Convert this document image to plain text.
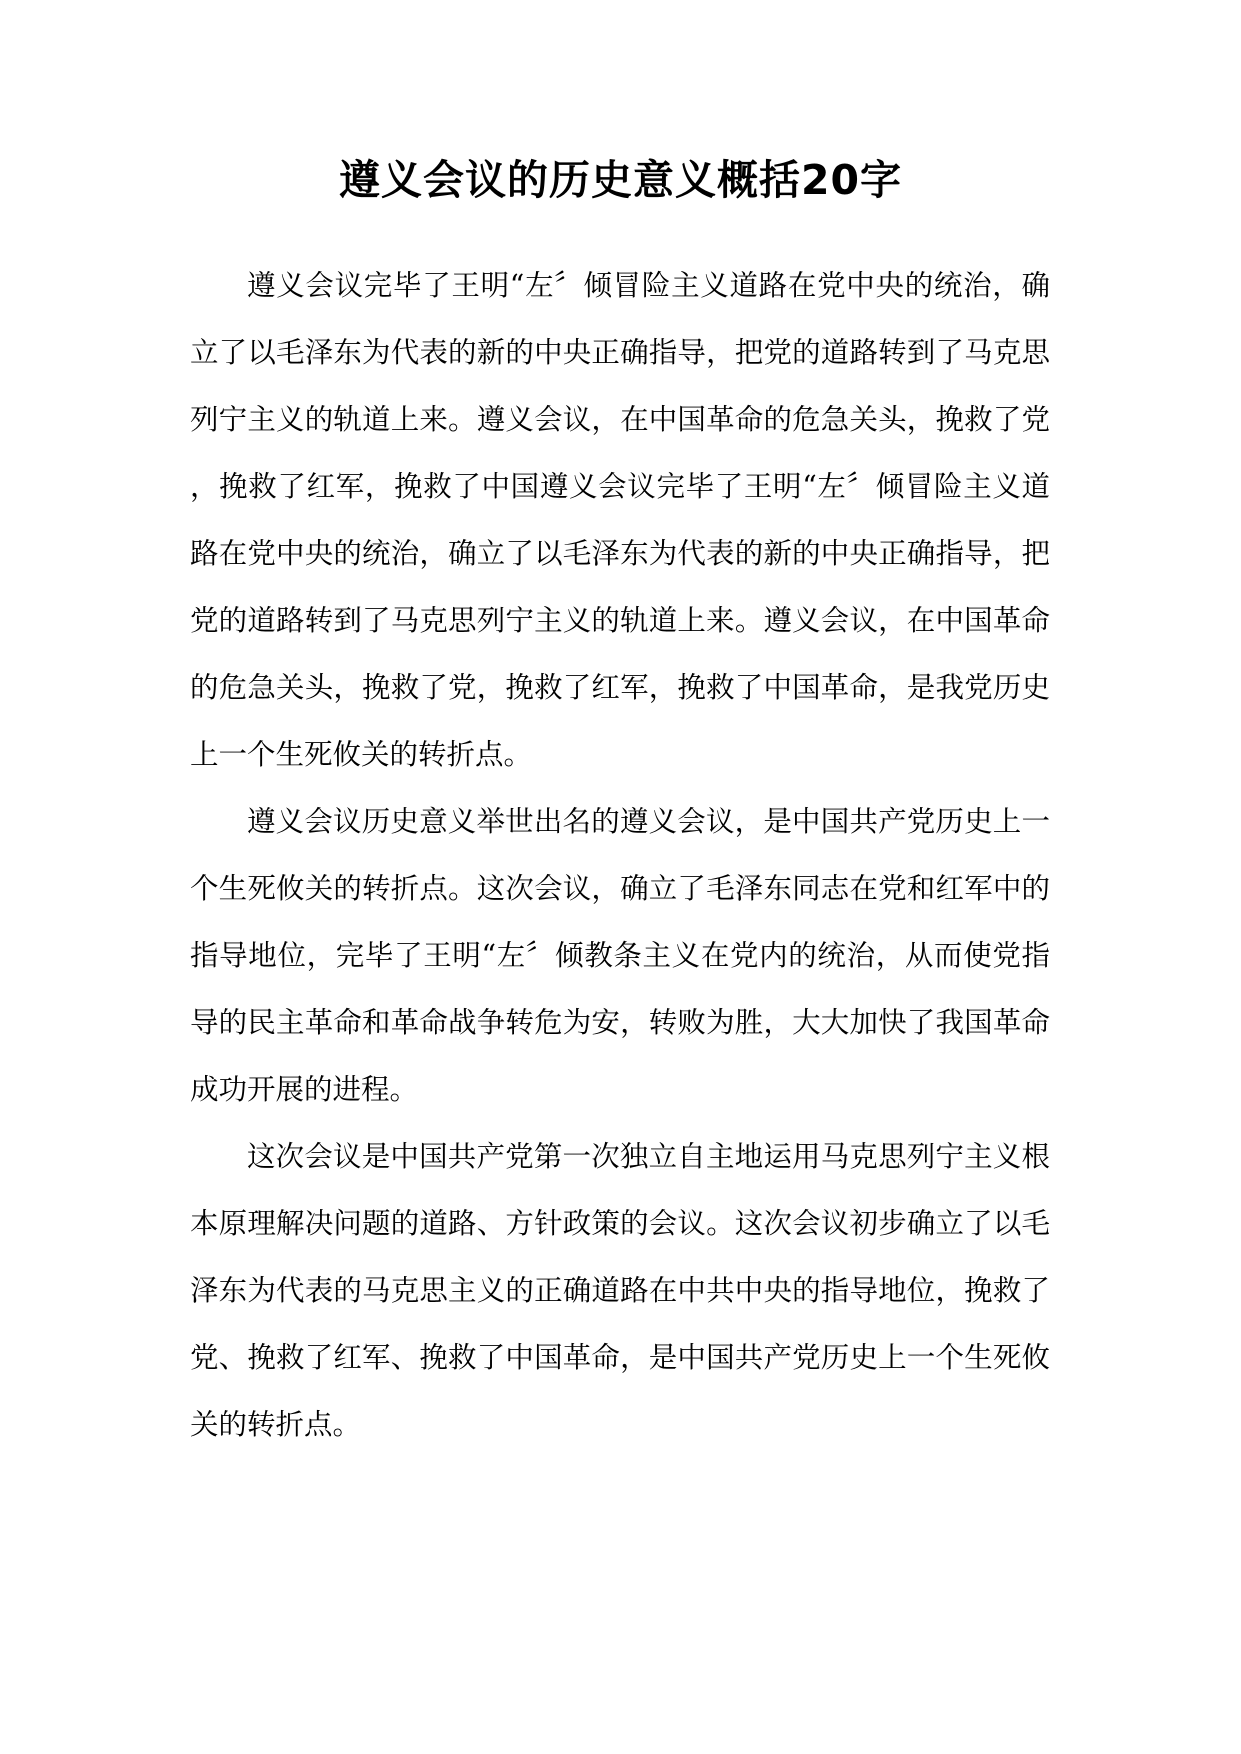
遵义会议的历史意义概括20字

遵义会议完毕了王明“左〞倾冒险主义道路在党中央的统治，确立了以毛泽东为代表的新的中央正确指导，把党的道路转到了马克思列宁主义的轨道上来。遵义会议，在中国革命的危急关头，挽救了党，挽救了红军，挽救了中国遵义会议完毕了王明“左〞倾冒险主义道路在党中央的统治，确立了以毛泽东为代表的新的中央正确指导，把党的道路转到了马克思列宁主义的轨道上来。遵义会议，在中国革命的危急关头，挽救了党，挽救了红军，挽救了中国革命，是我党历史上一个生死攸关的转折点。

遵义会议历史意义举世出名的遵义会议，是中国共产党历史上一个生死攸关的转折点。这次会议，确立了毛泽东同志在党和红军中的指导地位，完毕了王明“左〞倾教条主义在党内的统治，从而使党指导的民主革命和革命战争转危为安，转败为胜，大大加快了我国革命成功开展的进程。

这次会议是中国共产党第一次独立自主地运用马克思列宁主义根本原理解决问题的道路、方针政策的会议。这次会议初步确立了以毛泽东为代表的马克思主义的正确道路在中共中央的指导地位，挽救了党、挽救了红军、挽救了中国革命，是中国共产党历史上一个生死攸关的转折点。
